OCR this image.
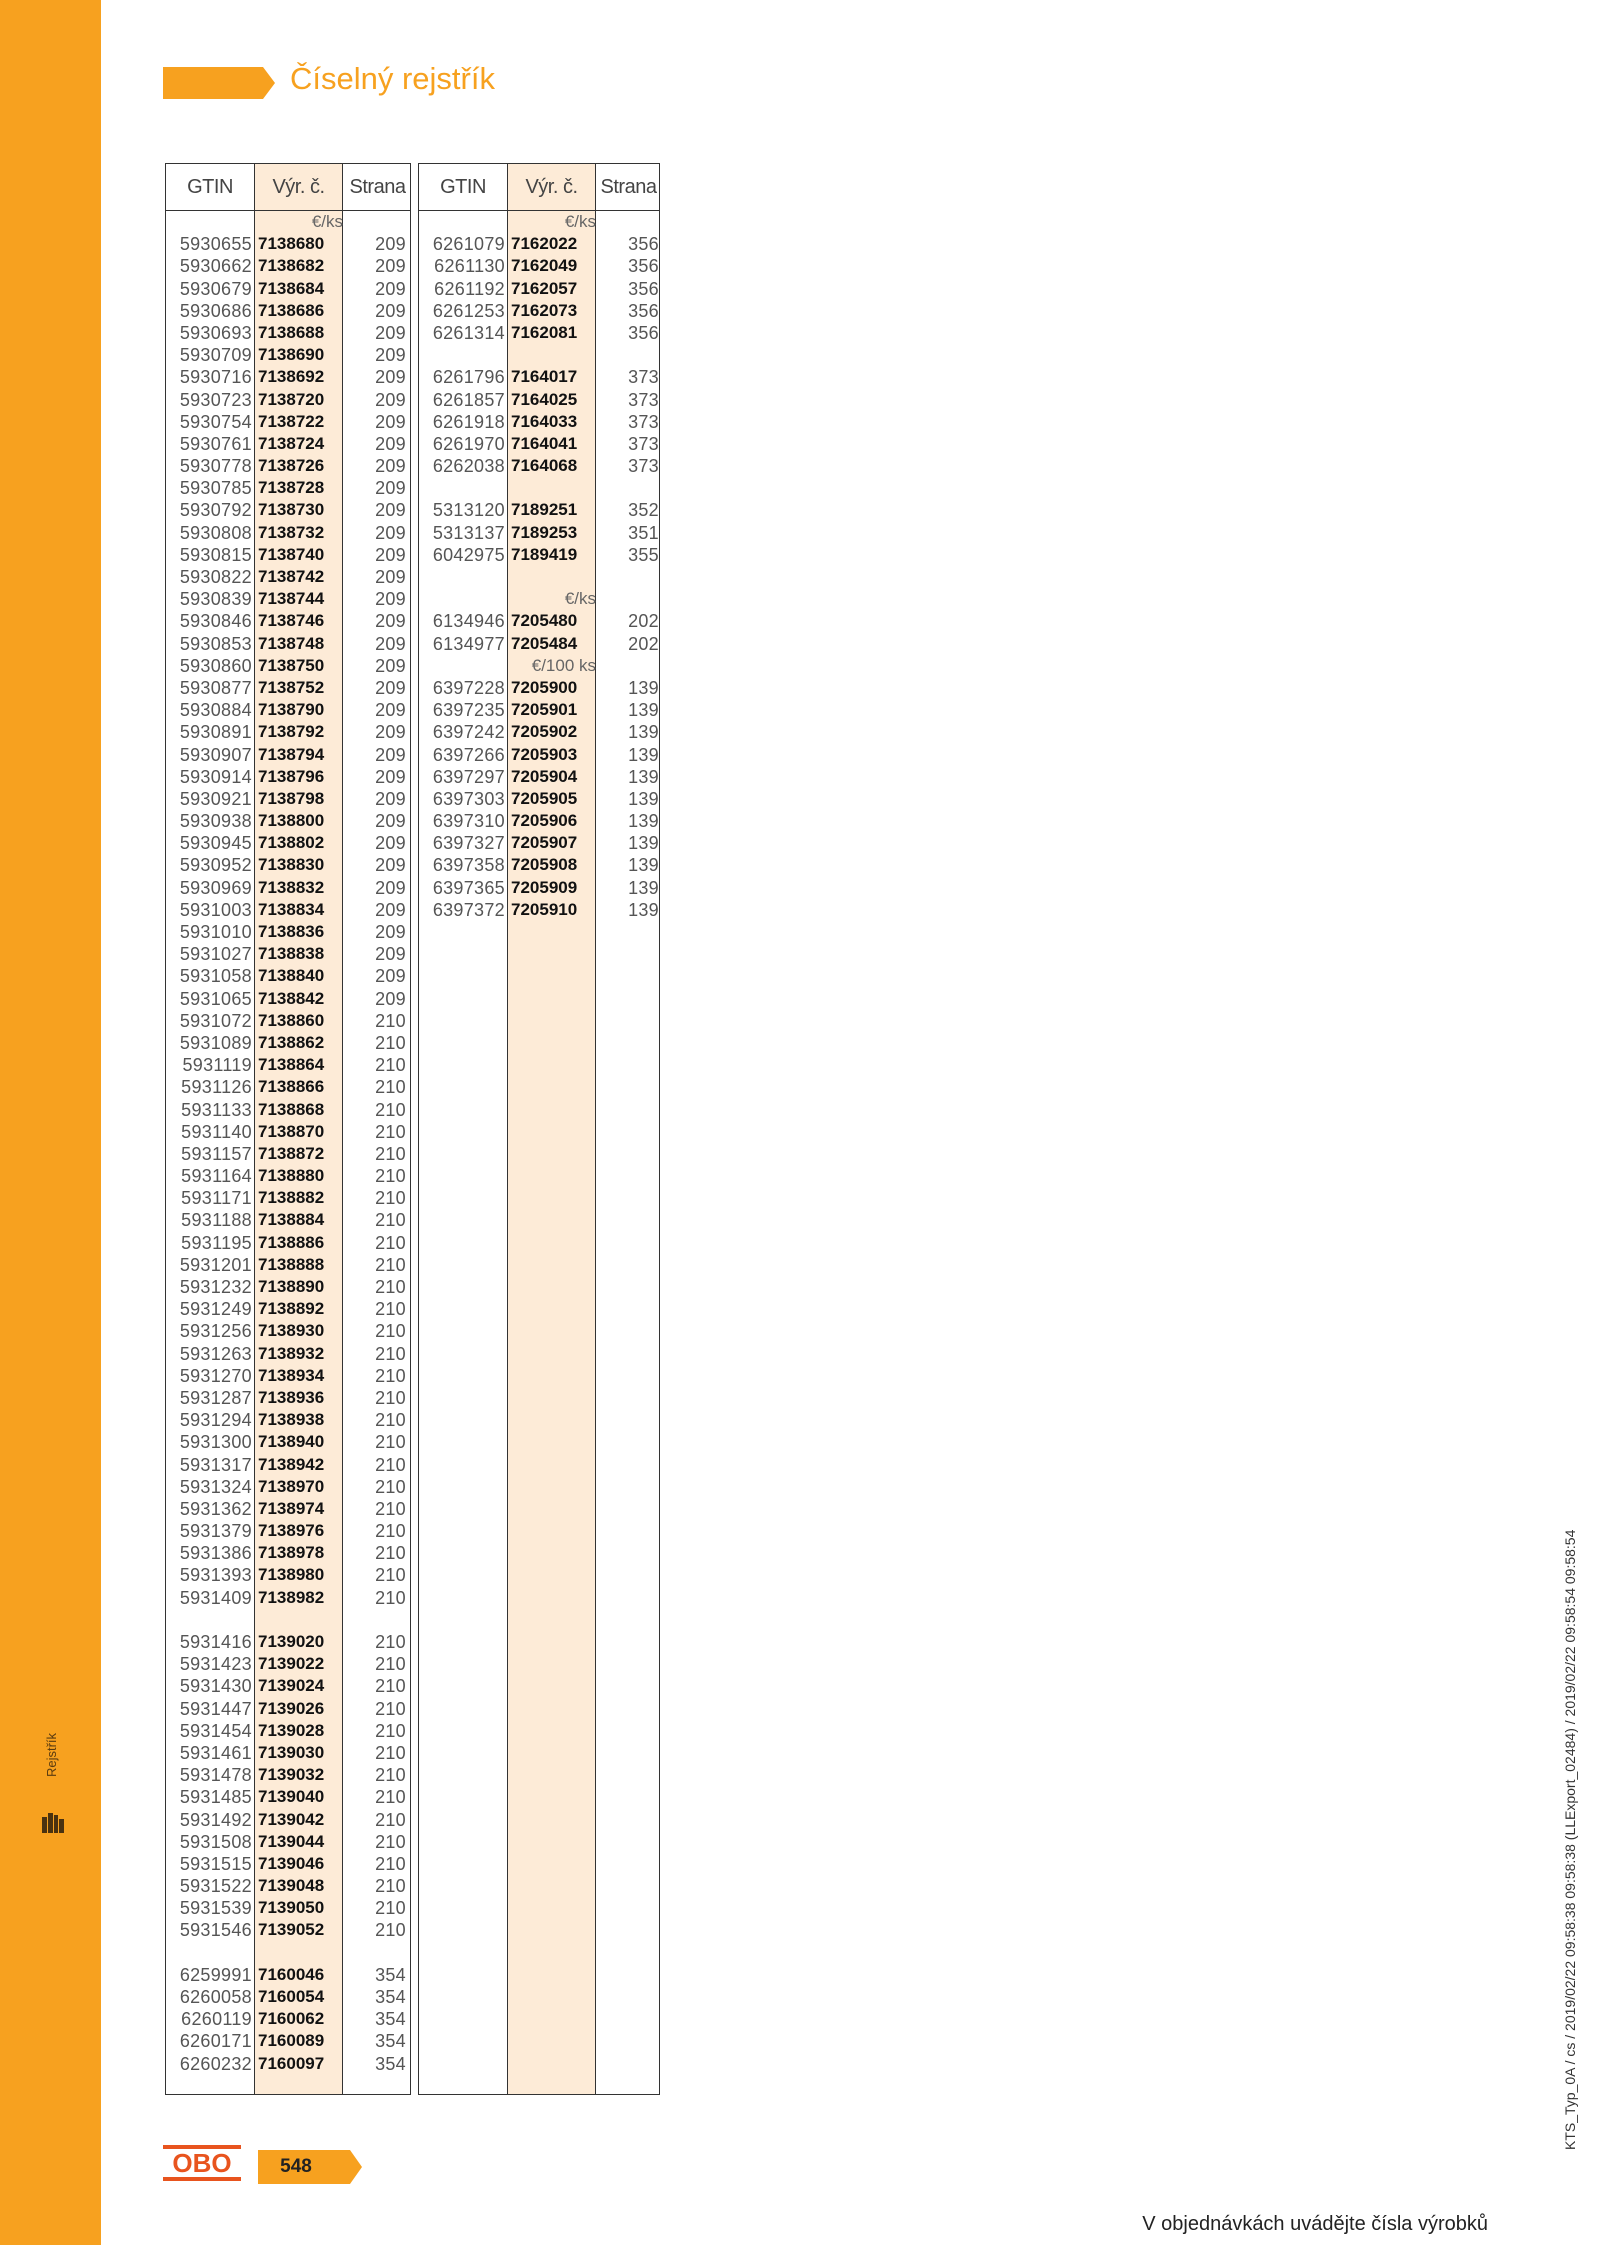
Rejstřík
Číselný rejstřík
GTIN	Výr. č.	Strana
€/ks
5930655 7138680	209
5930662 7138682	209
5930679 7138684	209
5930686 7138686	209
5930693 7138688	209
5930709 7138690	209
5930716 7138692	209
5930723 7138720	209
5930754 7138722	209
5930761 7138724	209
5930778 7138726	209
5930785 7138728	209
5930792 7138730	209
5930808 7138732	209
5930815 7138740	209
5930822 7138742	209
5930839 7138744	209
5930846 7138746	209
5930853 7138748	209
5930860 7138750	209
5930877 7138752	209
5930884 7138790	209
5930891 7138792	209
5930907 7138794	209
5930914 7138796	209
5930921 7138798	209
5930938 7138800	209
5930945 7138802	209
5930952 7138830	209
5930969 7138832	209
5931003 7138834	209
5931010 7138836	209
5931027 7138838	209
5931058 7138840	209
5931065 7138842	209
5931072 7138860	210
5931089 7138862	210
5931119 7138864	210
5931126 7138866	210
5931133 7138868	210
5931140 7138870	210
5931157 7138872	210
5931164 7138880	210
5931171 7138882	210
5931188 7138884	210
5931195 7138886	210
5931201 7138888	210
5931232 7138890	210
5931249 7138892	210
5931256 7138930	210
5931263 7138932	210
5931270 7138934	210
5931287 7138936	210
5931294 7138938	210
5931300 7138940	210
5931317 7138942	210
5931324 7138970	210
5931362 7138974	210
5931379 7138976	210
5931386 7138978	210
5931393 7138980	210
5931409 7138982	210
5931416 7139020	210
5931423 7139022	210
5931430 7139024	210
5931447 7139026	210
5931454 7139028	210
5931461 7139030	210
5931478 7139032	210
5931485 7139040	210
5931492 7139042	210
5931508 7139044	210
5931515 7139046	210
5931522 7139048	210
5931539 7139050	210
5931546 7139052	210
6259991 7160046	354
6260058 7160054	354
6260119 7160062	354
6260171 7160089	354
6260232 7160097	354
GTIN	Výr. č.	Strana
€/ks
6261079 7162022	356
6261130 7162049	356
6261192 7162057	356
6261253 7162073	356
6261314 7162081	356
6261796 7164017	373
6261857 7164025	373
6261918 7164033	373
6261970 7164041	373
6262038 7164068	373
5313120 7189251	352
5313137 7189253	351
6042975 7189419	355
€/ks
6134946 7205480	202
6134977 7205484	202
€/100 ks
6397228 7205900	139
6397235 7205901	139
6397242 7205902	139
6397266 7205903	139
6397297 7205904	139
6397303 7205905	139
6397310 7205906	139
6397327 7205907	139
6397358 7205908	139
6397365 7205909	139
6397372 7205910	139
OBO	548
V objednávkách uvádějte čísla výrobků
KTS_Typ_0A / cs / 2019/02/22 09:58:38 09:58:38 (LLExport_02484) / 2019/02/22 09:58:54 09:58:54
